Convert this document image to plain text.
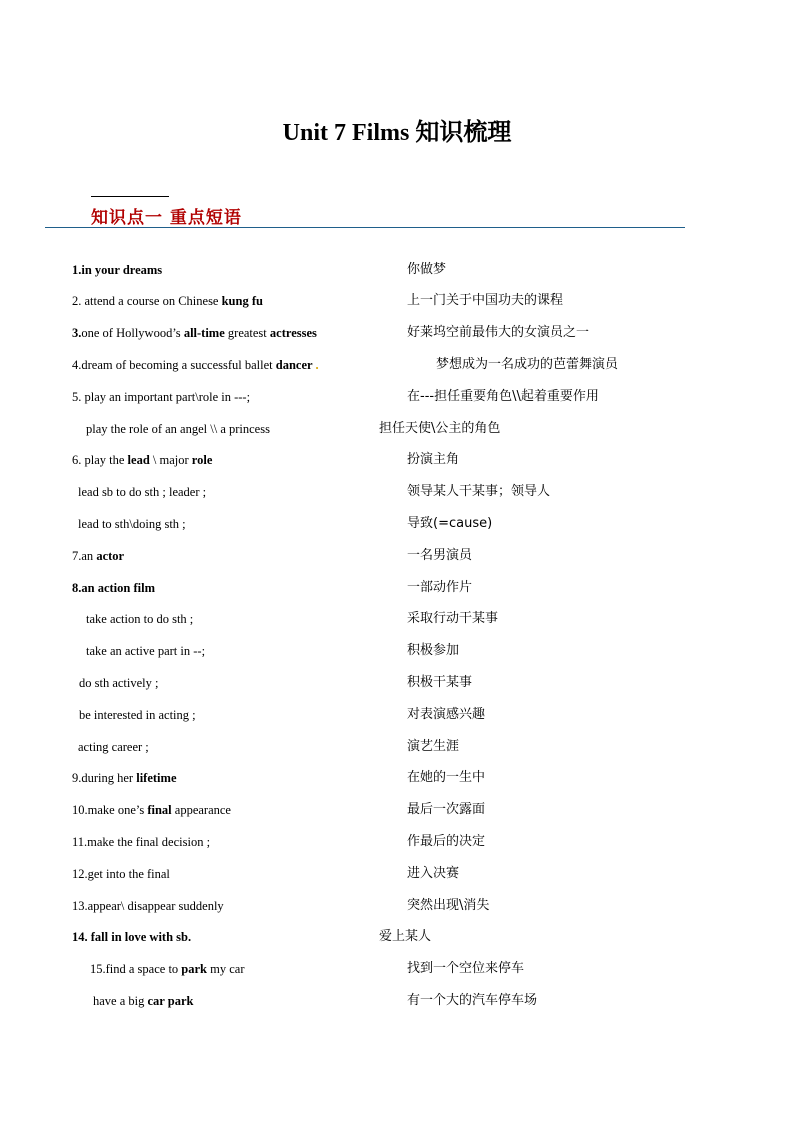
Unit 7 Films 知识梳理
知识点一 重点短语
1.in your dreams	你做梦
2. attend a course on Chinese kung fu	上一门关于中国功夫的课程
3.one of Hollywood’s all-time greatest actresses	好莱坞空前最伟大的女演员之一
4.dream of becoming a successful ballet dancer .	梦想成为一名成功的芭蕾舞演员
5. play an important part\role in ---;	在---担任重要角色\\起着重要作用
play the role of an angel \\ a princess	担任天使\公主的角色
6. play the lead \ major role	扮演主角
lead sb to do sth ; leader ;	领导某人干某事；领导人
lead to sth\doing sth ;	导致(=cause)
7.an actor	一名男演员
8.an action film	一部动作片
take action to do sth ;	采取行动干某事
take an active part in --;	积极参加
do sth actively ;	积极干某事
be interested in acting ;	对表演感兴趣
acting career ;	演艺生涯
9.during her lifetime	在她的一生中
10.make one’s final appearance	最后一次露面
11.make the final decision ;	作最后的决定
12.get into the final	进入决赛
13.appear\ disappear suddenly	突然出现\消失
14. fall in love with sb.	爱上某人
15.find a space to park my car	找到一个空位来停车
have a big car park	有一个大的汽车停车场
